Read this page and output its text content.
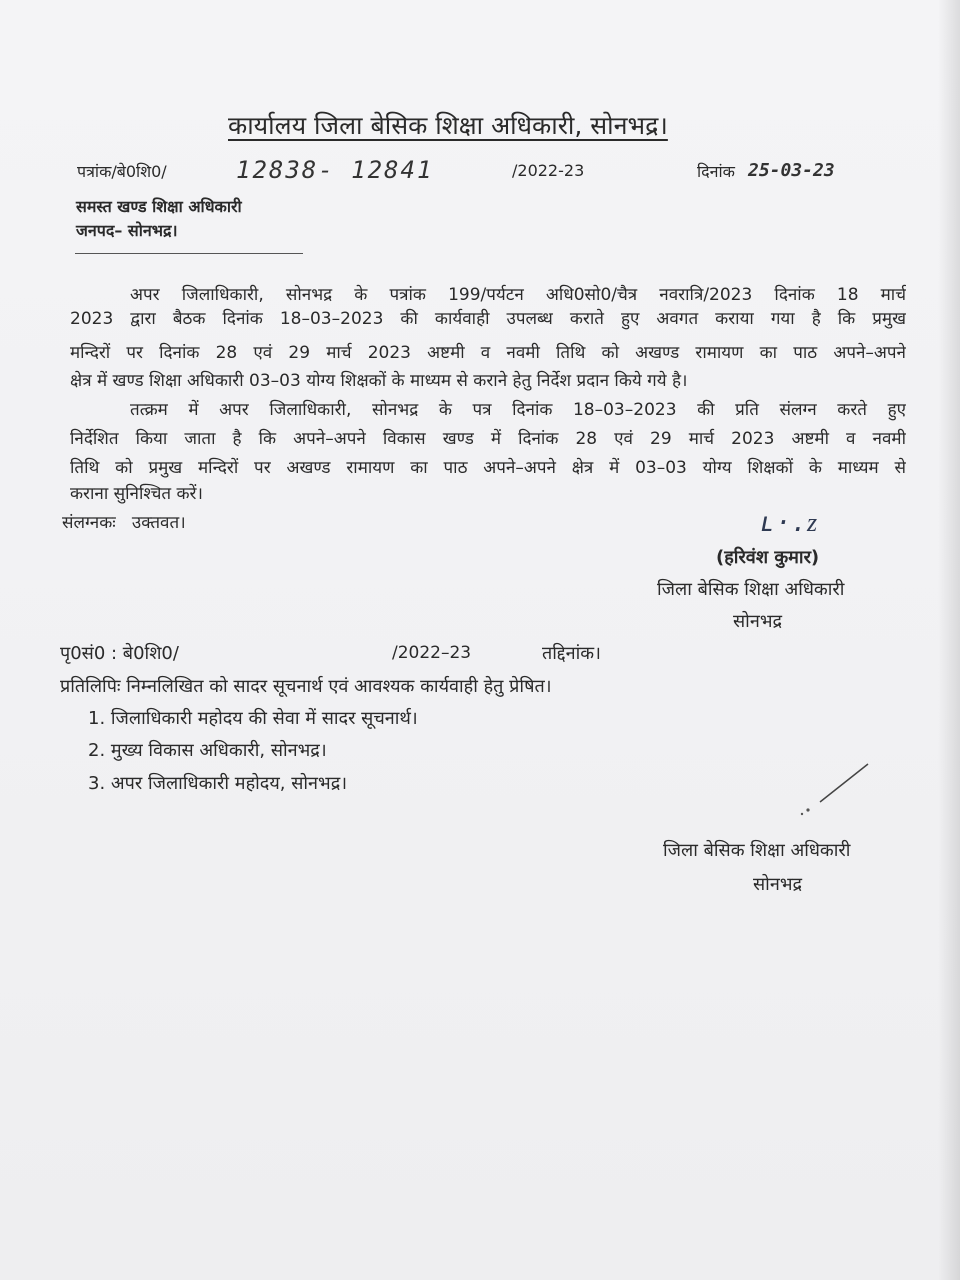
कार्यालय जिला बेसिक शिक्षा अधिकारी, सोनभद्र।
पत्रांक/बे0शि0/	12838- 12841	/2022-23	दिनांक 25-03-23
समस्त खण्ड शिक्षा अधिकारी
जनपद– सोनभद्र।
अपर जिलाधिकारी, सोनभद्र के पत्रांक 199/पर्यटन अधि0सो0/चैत्र नवरात्रि/2023 दिनांक 18 मार्च
2023 द्वारा बैठक दिनांक 18–03–2023 की कार्यवाही उपलब्ध कराते हुए अवगत कराया गया है कि प्रमुख
मन्दिरों पर दिनांक 28 एवं 29 मार्च 2023 अष्टमी व नवमी तिथि को अखण्ड रामायण का पाठ अपने–अपने
क्षेत्र में खण्ड शिक्षा अधिकारी 03–03 योग्य शिक्षकों के माध्यम से कराने हेतु निर्देश प्रदान किये गये है।
तत्क्रम में अपर जिलाधिकारी, सोनभद्र के पत्र दिनांक 18–03–2023 की प्रति संलग्न करते हुए
निर्देशित किया जाता है कि अपने–अपने विकास खण्ड में दिनांक 28 एवं 29 मार्च 2023 अष्टमी व नवमी
तिथि को प्रमुख मन्दिरों पर अखण्ड रामायण का पाठ अपने–अपने क्षेत्र में 03–03 योग्य शिक्षकों के माध्यम से
कराना सुनिश्चित करें।
संलग्नकः   उक्तवत।	ʟ·.ᴢ
(हरिवंश कुमार)
जिला बेसिक शिक्षा अधिकारी
सोनभद्र
पृ0सं0 : बे0शि0/	/2022–23	तद्दिनांक।
प्रतिलिपिः निम्नलिखित को सादर सूचनार्थ एवं आवश्यक कार्यवाही हेतु प्रेषित।
1. जिलाधिकारी महोदय की सेवा में सादर सूचनार्थ।
2. मुख्य विकास अधिकारी, सोनभद्र।
3. अपर जिलाधिकारी महोदय, सोनभद्र।
जिला बेसिक शिक्षा अधिकारी
सोनभद्र
